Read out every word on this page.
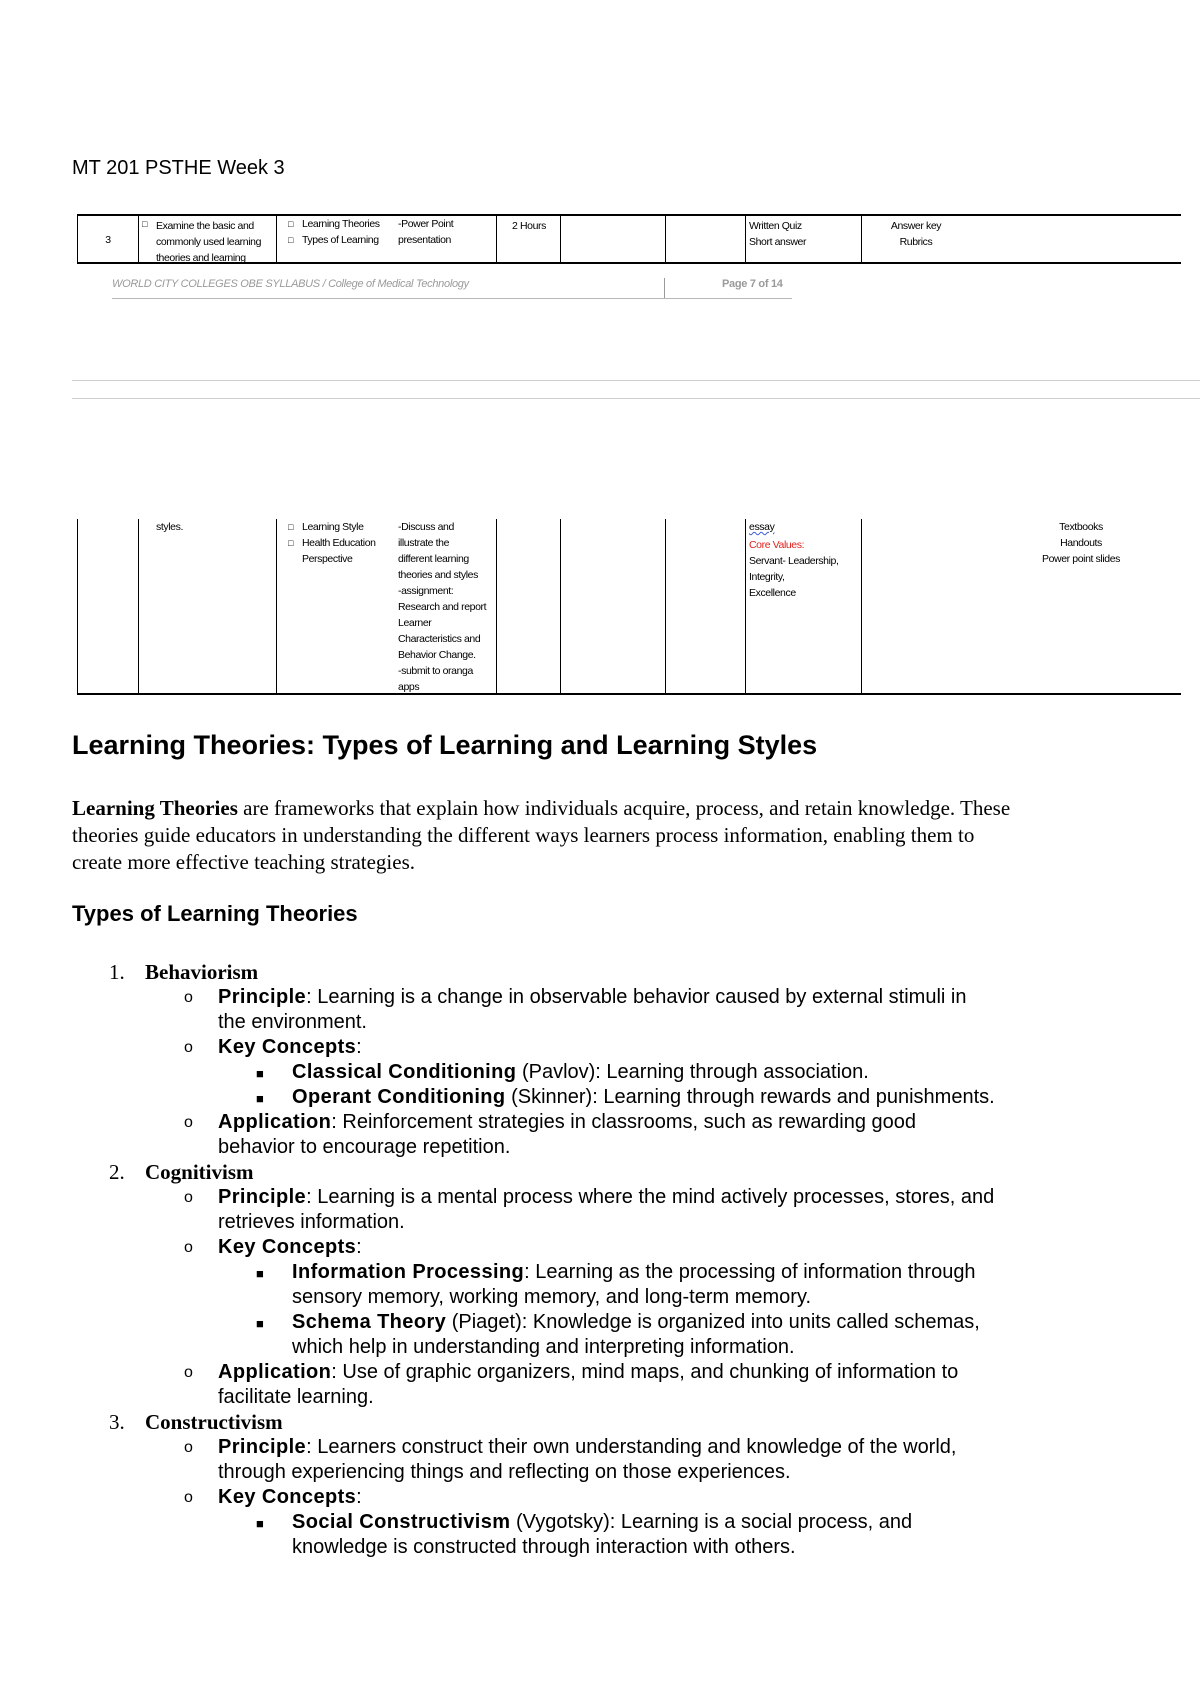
MT 201 PSTHE Week 3
3
□ Examine the basic and
commonly used learning
theories and learning
□ Learning Theories
□ Types of Learning
-Power Point
presentation
2 Hours	Written Quiz
Short answer
Answer key
Rubrics
WORLD CITY COLLEGES OBE SYLLABUS / College of Medical Technology	Page 7 of 14
styles.
□	Learning Style
□ Health Education
Perspective
-Discuss and
illustrate the
different learning
theories and styles
-assignment:
Research and report
Learner
Characteristics and
Behavior Change.
-submit to oranga
apps
essay
Core Values:
Servant- Leadership,
Integrity,
Excellence
Textbooks
Handouts
Power point slides
Learning Theories: Types of Learning and Learning Styles
Learning Theories are frameworks that explain how individuals acquire, process, and retain knowledge. These theories guide educators in understanding the different ways learners process information, enabling them to create more effective teaching strategies.
Types of Learning Theories
1. Behaviorism
o Principle: Learning is a change in observable behavior caused by external stimuli in the environment.
o Key Concepts:
■ Classical Conditioning (Pavlov): Learning through association.
■ Operant Conditioning (Skinner): Learning through rewards and punishments.
o Application: Reinforcement strategies in classrooms, such as rewarding good behavior to encourage repetition.
2. Cognitivism
o Principle: Learning is a mental process where the mind actively processes, stores, and retrieves information.
o Key Concepts:
■ Information Processing: Learning as the processing of information through sensory memory, working memory, and long-term memory.
■ Schema Theory (Piaget): Knowledge is organized into units called schemas, which help in understanding and interpreting information.
o Application: Use of graphic organizers, mind maps, and chunking of information to facilitate learning.
3. Constructivism
o Principle: Learners construct their own understanding and knowledge of the world, through experiencing things and reflecting on those experiences.
o Key Concepts:
■ Social Constructivism (Vygotsky): Learning is a social process, and knowledge is constructed through interaction with others.
